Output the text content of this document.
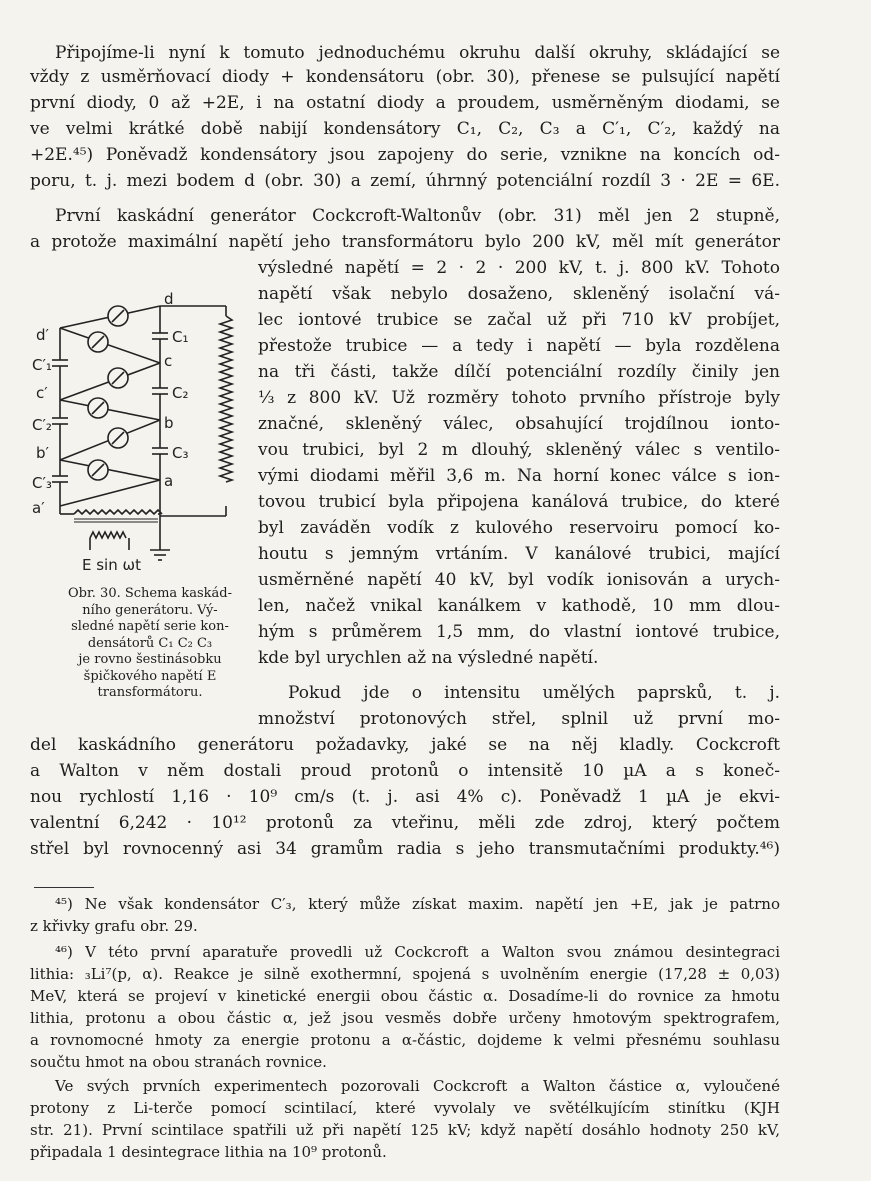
Připojíme-li nyní k tomuto jednoduchému okruhu další okruhy, skládající se

vždy z usměrňovací diody + kondensátoru (obr. 30), přenese se pulsující napětí

první diody, 0 až +2E, i na ostatní diody a proudem, usměrněným diodami, se

ve velmi krátké době nabijí kondensátory C₁, C₂, C₃ a C′₁, C′₂, každý na

+2E.⁴⁵) Poněvadž kondensátory jsou zapojeny do serie, vznikne na koncích od-

poru, t. j. mezi bodem d (obr. 30) a zemí, úhrnný potenciální rozdíl 3 · 2E = 6E.

První kaskádní generátor Cockcroft-Waltonův (obr. 31) měl jen 2 stupně,

a protože maximální napětí jeho transformátoru bylo 200 kV, měl mít generátor

výsledné napětí = 2 · 2 · 200 kV, t. j. 800 kV. Tohoto

napětí však nebylo dosaženo, skleněný isolační vá-

lec iontové trubice se začal už při 710 kV probíjet,

přestože trubice — a tedy i napětí — byla rozdělena

na tři části, takže dílčí potenciální rozdíly činily jen

⅓ z 800 kV. Už rozměry tohoto prvního přístroje byly

značné, skleněný válec, obsahující trojdílnou ionto-

vou trubici, byl 2 m dlouhý, skleněný válec s ventilo-

vými diodami měřil 3,6 m. Na horní konec válce s ion-

tovou trubicí byla připojena kanálová trubice, do které

byl zaváděn vodík z kulového reservoiru pomocí ko-

houtu s jemným vrtáním. V kanálové trubici, mající

usměrněné napětí 40 kV, byl vodík ionisován a urych-

len, načež vnikal kanálkem v kathodě, 10 mm dlou-

hým s průměrem 1,5 mm, do vlastní iontové trubice,

kde byl urychlen až na výsledné napětí.

Pokud jde o intensitu umělých paprsků, t. j.

množství protonových střel, splnil už první mo-

del kaskádního generátoru požadavky, jaké se na něj kladly. Cockcroft

a Walton v něm dostali proud protonů o intensitě 10 µA a s koneč-

nou rychlostí 1,16 · 10⁹ cm/s (t. j. asi 4% c). Poněvadž 1 µA je ekvi-

valentní 6,242 · 10¹² protonů za vteřinu, měli zde zdroj, který počtem

střel byl rovnocenný asi 34 gramům radia s jeho transmutačními produkty.⁴⁶)

d
d′	C₁
C′₁	c
c′	C₂
C′₂	b
b′	C₃
C′₃	a
a′
E sin ωt
Obr. 30. Schema kaskád-
ního generátoru. Vý-
sledné napětí serie kon-
densátorů C₁ C₂ C₃
je rovno šestinásobku
špičkového napětí E
transformátoru.

⁴⁵) Ne však kondensátor C′₃, který může získat maxim. napětí jen +E, jak je patrno

z křivky grafu obr. 29.

⁴⁶) V této první aparatuře provedli už Cockcroft a Walton svou známou desintegraci

lithia: ₃Li⁷(p, α). Reakce je silně exothermní, spojená s uvolněním energie (17,28 ± 0,03)

MeV, která se projeví v kinetické energii obou částic α. Dosadíme-li do rovnice za hmotu

lithia, protonu a obou částic α, jež jsou vesměs dobře určeny hmotovým spektrografem,

a rovnomocné hmoty za energie protonu a α-částic, dojdeme k velmi přesnému souhlasu

součtu hmot na obou stranách rovnice.

Ve svých prvních experimentech pozorovali Cockcroft a Walton částice α, vyloučené

protony z Li-terče pomocí scintilací, které vyvolaly ve světélkujícím stinítku (KJH

str. 21). První scintilace spatřili už při napětí 125 kV; když napětí dosáhlo hodnoty 250 kV,

připadala 1 desintegrace lithia na 10⁹ protonů.
